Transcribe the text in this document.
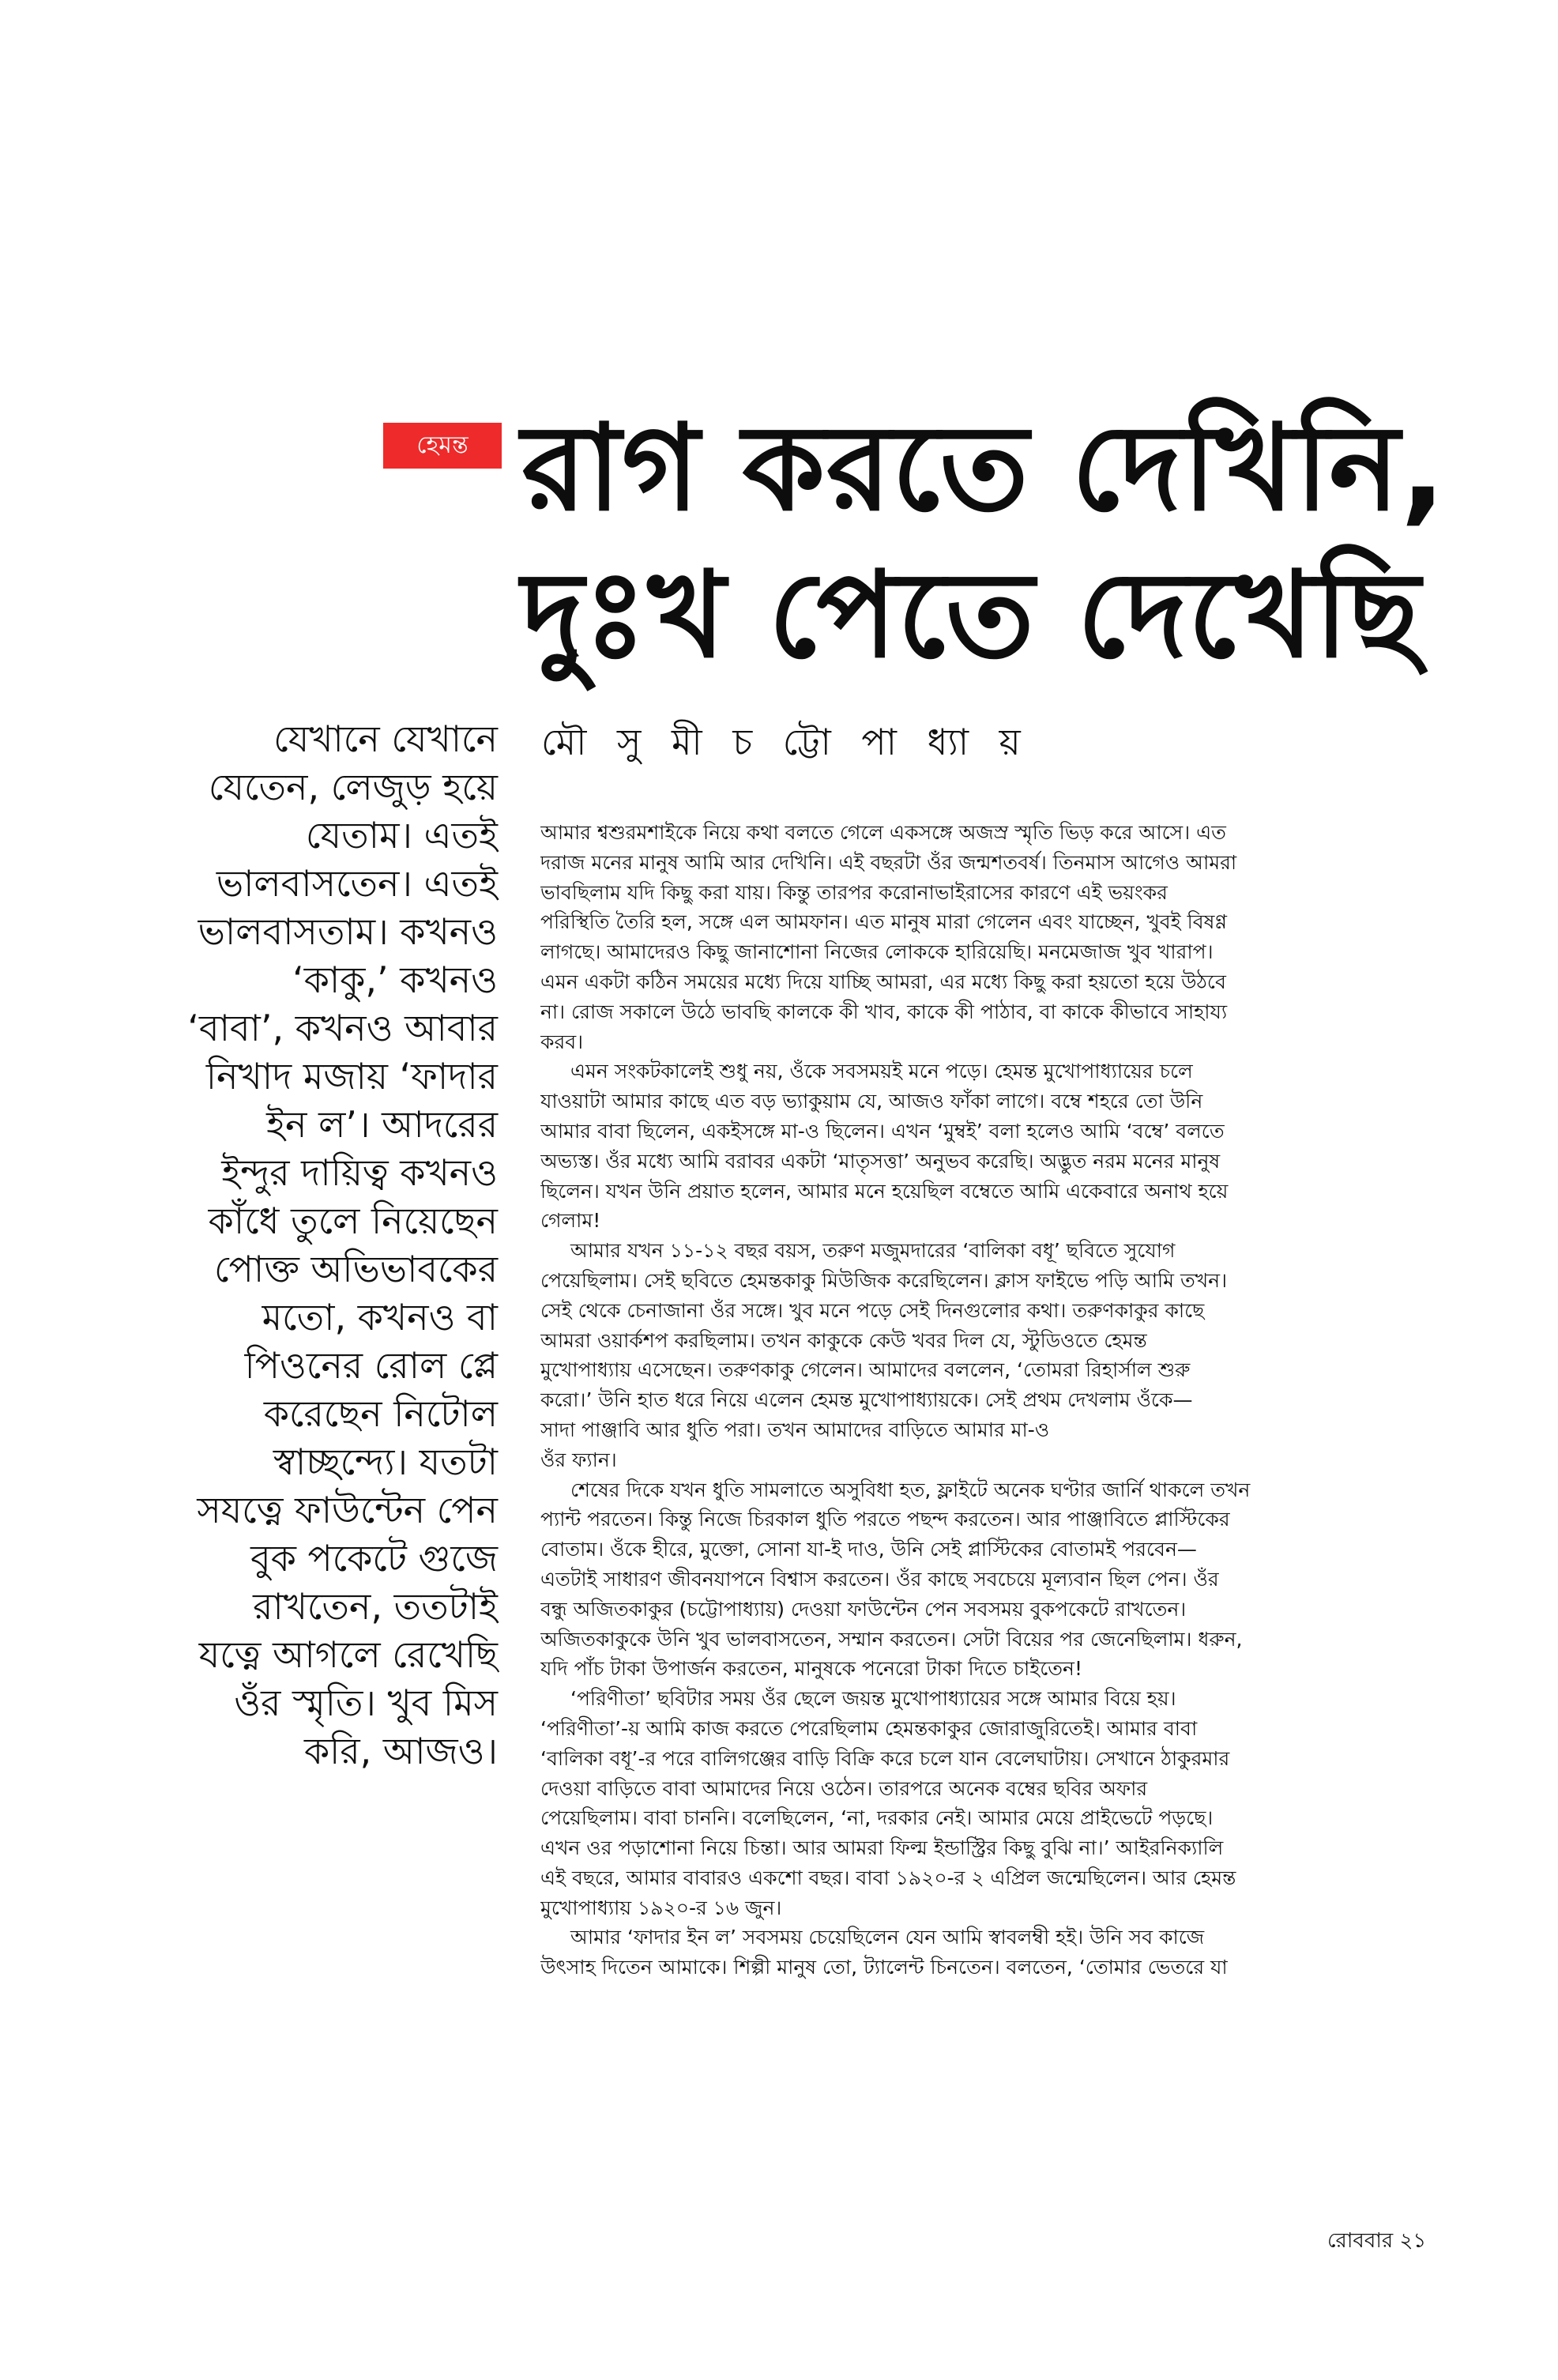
হেমন্ত রাগ করতে দেখিনি,
দুঃখ পেতে দেখেছি
মৌ সু মী চ ট্টো পা ধ্যা য়
যেখানে যেখানে
যেতেন, লেজুড় হয়ে
যেতাম। এতই
ভালবাসতেন। এতই
ভালবাসতাম। কখনও
‘কাকু,’ কখনও
‘বাবা’, কখনও আবার
নিখাদ মজায় ‘ফাদার
ইন ল’। আদরের
ইন্দুর দায়িত্ব কখনও
কাঁধে তুলে নিয়েছেন
পোক্ত অভিভাবকের
মতো, কখনও বা
পিওনের রোল প্লে
করেছেন নিটোল
স্বাচ্ছন্দ্যে। যতটা
সযত্নে ফাউন্টেন পেন
বুক পকেটে গুজে
রাখতেন, ততটাই
যত্নে আগলে রেখেছি
ওঁর স্মৃতি। খুব মিস
করি, আজও।

আমার শ্বশুরমশাইকে নিয়ে কথা বলতে গেলে একসঙ্গে অজস্র স্মৃতি ভিড় করে আসে। এত
দরাজ মনের মানুষ আমি আর দেখিনি। এই বছরটা ওঁর জন্মশতবর্ষ। তিনমাস আগেও আমরা
ভাবছিলাম যদি কিছু করা যায়। কিন্তু তারপর করোনাভাইরাসের কারণে এই ভয়ংকর
পরিস্থিতি তৈরি হল, সঙ্গে এল আমফান। এত মানুষ মারা গেলেন এবং যাচ্ছেন, খুবই বিষণ্ণ
লাগছে। আমাদেরও কিছু জানাশোনা নিজের লোককে হারিয়েছি। মনমেজাজ খুব খারাপ।
এমন একটা কঠিন সময়ের মধ্যে দিয়ে যাচ্ছি আমরা, এর মধ্যে কিছু করা হয়তো হয়ে উঠবে
না। রোজ সকালে উঠে ভাবছি কালকে কী খাব, কাকে কী পাঠাব, বা কাকে কীভাবে সাহায্য
করব।

এমন সংকটকালেই শুধু নয়, ওঁকে সবসময়ই মনে পড়ে। হেমন্ত মুখোপাধ্যায়ের চলে
যাওয়াটা আমার কাছে এত বড় ভ্যাকুয়াম যে, আজও ফাঁকা লাগে। বম্বে শহরে তো উনি
আমার বাবা ছিলেন, একইসঙ্গে মা-ও ছিলেন। এখন ‘মুম্বই’ বলা হলেও আমি ‘বম্বে’ বলতে
অভ্যস্ত। ওঁর মধ্যে আমি বরাবর একটা ‘মাতৃসত্তা’ অনুভব করেছি। অদ্ভুত নরম মনের মানুষ
ছিলেন। যখন উনি প্রয়াত হলেন, আমার মনে হয়েছিল বম্বেতে আমি একেবারে অনাথ হয়ে
গেলাম!

আমার যখন ১১-১২ বছর বয়স, তরুণ মজুমদারের ‘বালিকা বধূ’ ছবিতে সুযোগ
পেয়েছিলাম। সেই ছবিতে হেমন্তকাকু মিউজিক করেছিলেন। ক্লাস ফাইভে পড়ি আমি তখন।
সেই থেকে চেনাজানা ওঁর সঙ্গে। খুব মনে পড়ে সেই দিনগুলোর কথা। তরুণকাকুর কাছে
আমরা ওয়ার্কশপ করছিলাম। তখন কাকুকে কেউ খবর দিল যে, স্টুডিওতে হেমন্ত
মুখোপাধ্যায় এসেছেন। তরুণকাকু গেলেন। আমাদের বললেন, ‘তোমরা রিহার্সাল শুরু
করো।’ উনি হাত ধরে নিয়ে এলেন হেমন্ত মুখোপাধ্যায়কে। সেই প্রথম দেখলাম ওঁকে—
সাদা পাঞ্জাবি আর ধুতি পরা। তখন আমাদের বাড়িতে আমার মা-ও
ওঁর ফ্যান।

শেষের দিকে যখন ধুতি সামলাতে অসুবিধা হত, ফ্লাইটে অনেক ঘণ্টার জার্নি থাকলে তখন
প্যান্ট পরতেন। কিন্তু নিজে চিরকাল ধুতি পরতে পছন্দ করতেন। আর পাঞ্জাবিতে প্লাস্টিকের
বোতাম। ওঁকে হীরে, মুক্তো, সোনা যা-ই দাও, উনি সেই প্লাস্টিকের বোতামই পরবেন—
এতটাই সাধারণ জীবনযাপনে বিশ্বাস করতেন। ওঁর কাছে সবচেয়ে মূল্যবান ছিল পেন। ওঁর
বন্ধু অজিতকাকুর (চট্টোপাধ্যায়) দেওয়া ফাউন্টেন পেন সবসময় বুকপকেটে রাখতেন।
অজিতকাকুকে উনি খুব ভালবাসতেন, সম্মান করতেন। সেটা বিয়ের পর জেনেছিলাম। ধরুন,
যদি পাঁচ টাকা উপার্জন করতেন, মানুষকে পনেরো টাকা দিতে চাইতেন!

‘পরিণীতা’ ছবিটার সময় ওঁর ছেলে জয়ন্ত মুখোপাধ্যায়ের সঙ্গে আমার বিয়ে হয়।
‘পরিণীতা’-য় আমি কাজ করতে পেরেছিলাম হেমন্তকাকুর জোরাজুরিতেই। আমার বাবা
‘বালিকা বধূ’-র পরে বালিগঞ্জের বাড়ি বিক্রি করে চলে যান বেলেঘাটায়। সেখানে ঠাকুরমার
দেওয়া বাড়িতে বাবা আমাদের নিয়ে ওঠেন। তারপরে অনেক বম্বের ছবির অফার
পেয়েছিলাম। বাবা চাননি। বলেছিলেন, ‘না, দরকার নেই। আমার মেয়ে প্রাইভেটে পড়ছে।
এখন ওর পড়াশোনা নিয়ে চিন্তা। আর আমরা ফিল্ম ইন্ডাস্ট্রির কিছু বুঝি না।’ আইরনিক্যালি
এই বছরে, আমার বাবারও একশো বছর। বাবা ১৯২০-র ২ এপ্রিল জন্মেছিলেন। আর হেমন্ত
মুখোপাধ্যায় ১৯২০-র ১৬ জুন।

আমার ‘ফাদার ইন ল’ সবসময় চেয়েছিলেন যেন আমি স্বাবলম্বী হই। উনি সব কাজে
উৎসাহ দিতেন আমাকে। শিল্পী মানুষ তো, ট্যালেন্ট চিনতেন। বলতেন, ‘তোমার ভেতরে যা

রোববার ২১
